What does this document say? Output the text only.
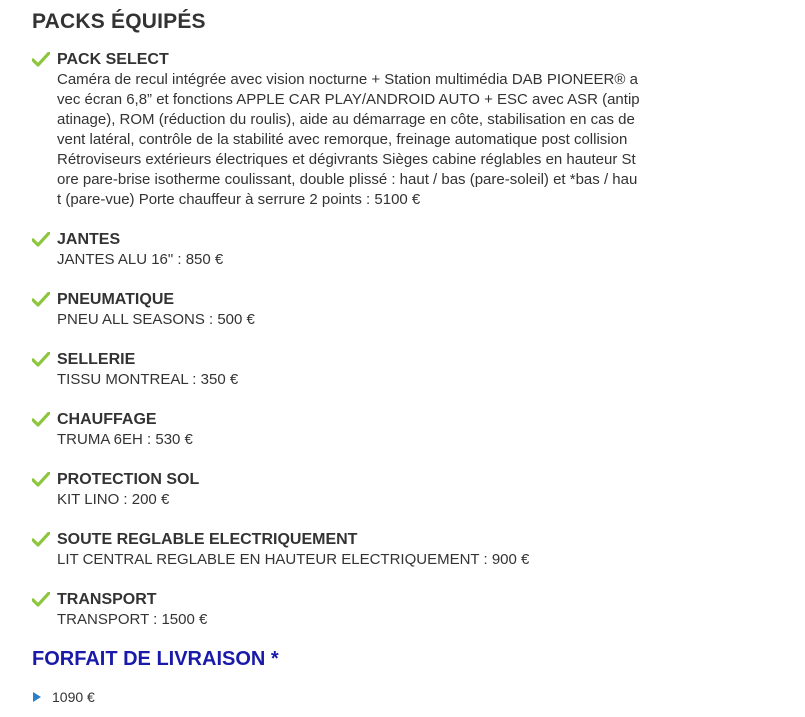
PACKS ÉQUIPÉS
PACK SELECT
Caméra de recul intégrée avec vision nocturne + Station multimédia DAB PIONEER® a
vec écran 6,8” et fonctions APPLE CAR PLAY/ANDROID AUTO + ESC avec ASR (antip
atinage), ROM (réduction du roulis), aide au démarrage en côte, stabilisation en cas de
vent latéral, contrôle de la stabilité avec remorque, freinage automatique post collision
Rétroviseurs extérieurs électriques et dégivrants Sièges cabine réglables en hauteur St
ore pare-brise isotherme coulissant, double plissé : haut / bas (pare-soleil) et *bas / hau
t (pare-vue) Porte chauffeur à serrure 2 points : 5100 €
JANTES
JANTES ALU 16" : 850 €
PNEUMATIQUE
PNEU ALL SEASONS : 500 €
SELLERIE
TISSU MONTREAL : 350 €
CHAUFFAGE
TRUMA 6EH : 530 €
PROTECTION SOL
KIT LINO : 200 €
SOUTE REGLABLE ELECTRIQUEMENT
LIT CENTRAL REGLABLE EN HAUTEUR ELECTRIQUEMENT : 900 €
TRANSPORT
TRANSPORT : 1500 €
FORFAIT DE LIVRAISON *
1090 €
